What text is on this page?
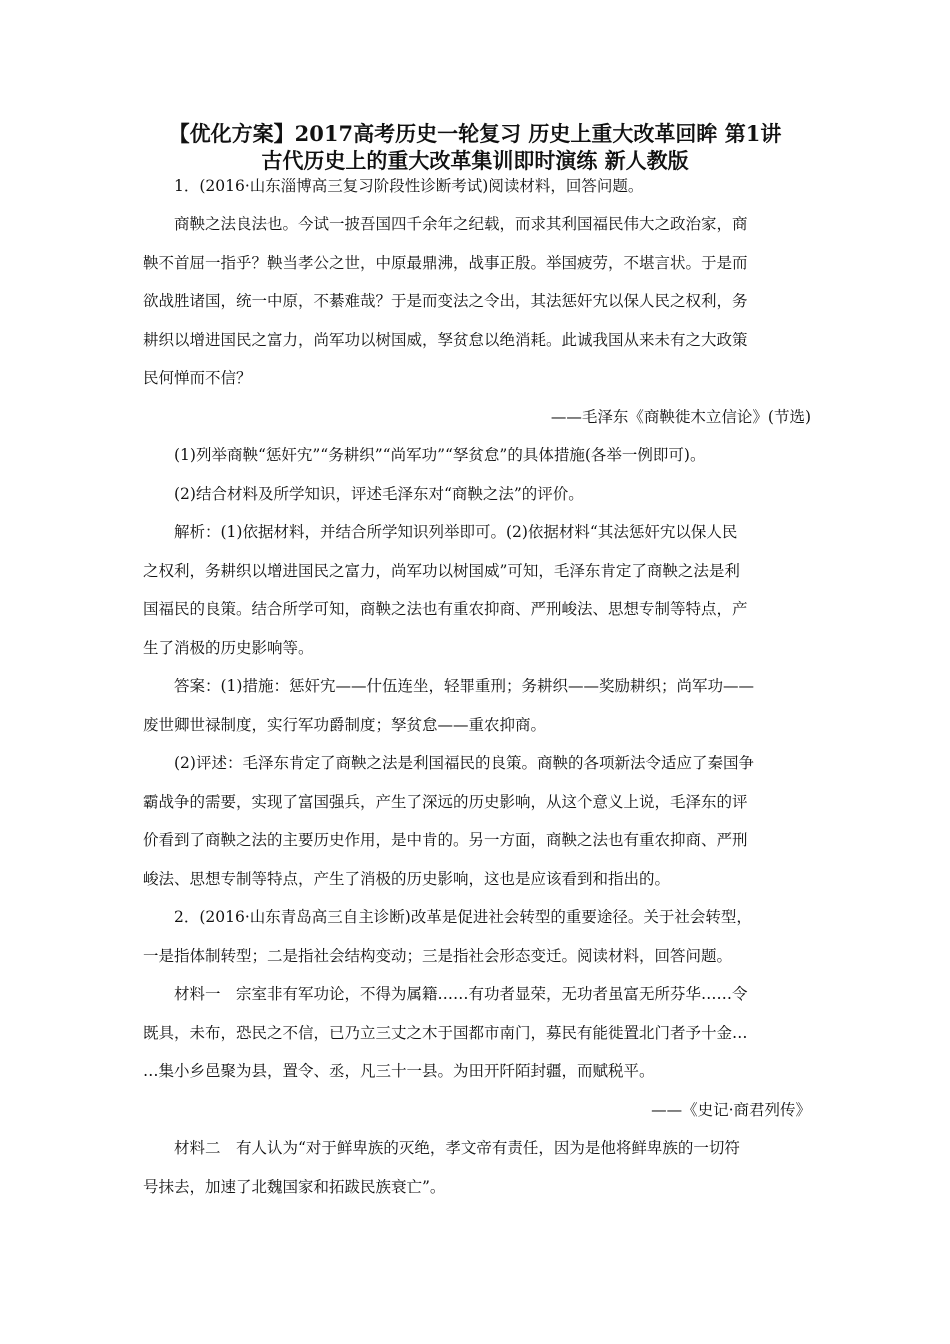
【优化方案】2017高考历史一轮复习 历史上重大改革回眸 第1讲
古代历史上的重大改革集训即时演练 新人教版
1．(2016·山东淄博高三复习阶段性诊断考试)阅读材料，回答问题。
商鞅之法良法也。今试一披吾国四千余年之纪载，而求其利国福民伟大之政治家，商
鞅不首屈一指乎？鞅当孝公之世，中原最鼎沸，战事正殷。举国疲劳，不堪言状。于是而
欲战胜诸国，统一中原，不綦难哉？于是而变法之令出，其法惩奸宄以保人民之权利，务
耕织以增进国民之富力，尚军功以树国威，孥贫怠以绝消耗。此诚我国从来未有之大政策
民何惮而不信？
——毛泽东《商鞅徙木立信论》(节选)
(1)列举商鞅“惩奸宄”“务耕织”“尚军功”“孥贫怠”的具体措施(各举一例即可)。
(2)结合材料及所学知识，评述毛泽东对“商鞅之法”的评价。
解析：(1)依据材料，并结合所学知识列举即可。(2)依据材料“其法惩奸宄以保人民
之权利，务耕织以增进国民之富力，尚军功以树国威”可知，毛泽东肯定了商鞅之法是利
国福民的良策。结合所学可知，商鞅之法也有重农抑商、严刑峻法、思想专制等特点，产
生了消极的历史影响等。
答案：(1)措施：惩奸宄——什伍连坐，轻罪重刑；务耕织——奖励耕织；尚军功——
废世卿世禄制度，实行军功爵制度；孥贫怠——重农抑商。
(2)评述：毛泽东肯定了商鞅之法是利国福民的良策。商鞅的各项新法令适应了秦国争
霸战争的需要，实现了富国强兵，产生了深远的历史影响，从这个意义上说，毛泽东的评
价看到了商鞅之法的主要历史作用，是中肯的。另一方面，商鞅之法也有重农抑商、严刑
峻法、思想专制等特点，产生了消极的历史影响，这也是应该看到和指出的。
2．(2016·山东青岛高三自主诊断)改革是促进社会转型的重要途径。关于社会转型，
一是指体制转型；二是指社会结构变动；三是指社会形态变迁。阅读材料，回答问题。
材料一　宗室非有军功论，不得为属籍……有功者显荣，无功者虽富无所芬华……令
既具，未布，恐民之不信，已乃立三丈之木于国都市南门，募民有能徙置北门者予十金…
…集小乡邑聚为县，置令、丞，凡三十一县。为田开阡陌封疆，而赋税平。
——《史记·商君列传》
材料二　有人认为“对于鲜卑族的灭绝，孝文帝有责任，因为是他将鲜卑族的一切符
号抹去，加速了北魏国家和拓跋民族衰亡”。
